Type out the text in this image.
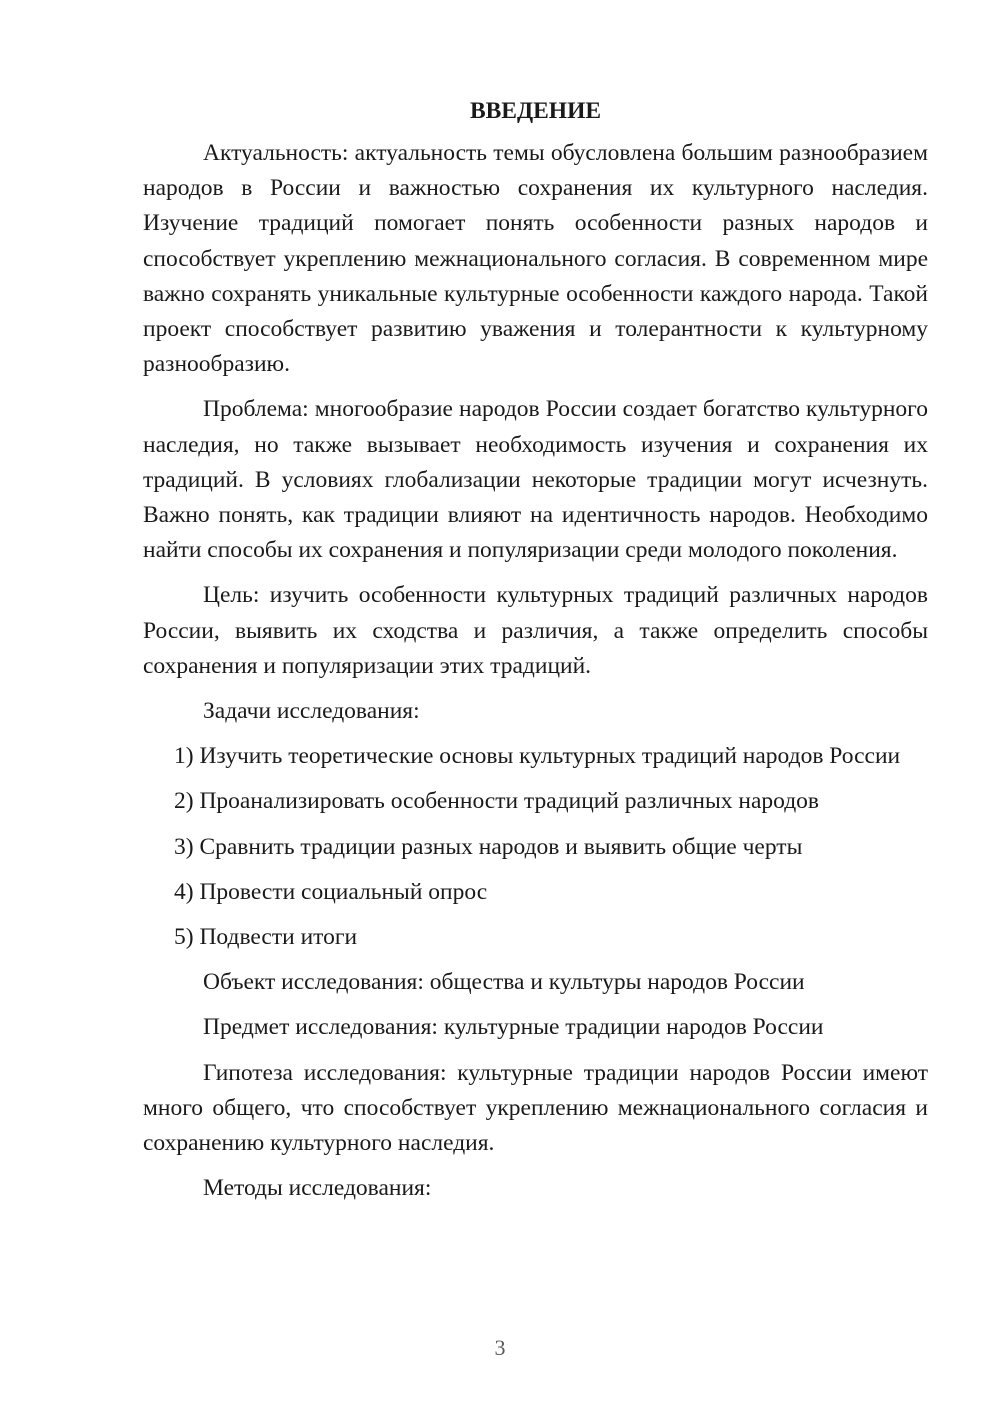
ВВЕДЕНИЕ

Актуальность: актуальность темы обусловлена большим разнообразием народов в России и важностью сохранения их культурного наследия. Изучение традиций помогает понять особенности разных народов и способствует укреплению межнационального согласия. В современном мире важно сохранять уникальные культурные особенности каждого народа. Такой проект способствует развитию уважения и толерантности к культурному разнообразию.

Проблема: многообразие народов России создает богатство культурного наследия, но также вызывает необходимость изучения и сохранения их традиций. В условиях глобализации некоторые традиции могут исчезнуть. Важно понять, как традиции влияют на идентичность народов. Необходимо найти способы их сохранения и популяризации среди молодого поколения.

Цель: изучить особенности культурных традиций различных народов России, выявить их сходства и различия, а также определить способы сохранения и популяризации этих традиций.

Задачи исследования:

1) Изучить теоретические основы культурных традиций народов России

2) Проанализировать особенности традиций различных народов

3) Сравнить традиции разных народов и выявить общие черты

4) Провести социальный опрос

5) Подвести итоги

Объект исследования: общества и культуры народов России

Предмет исследования: культурные традиции народов России

Гипотеза исследования: культурные традиции народов России имеют много общего, что способствует укреплению межнационального согласия и сохранению культурного наследия.

Методы исследования:

3
